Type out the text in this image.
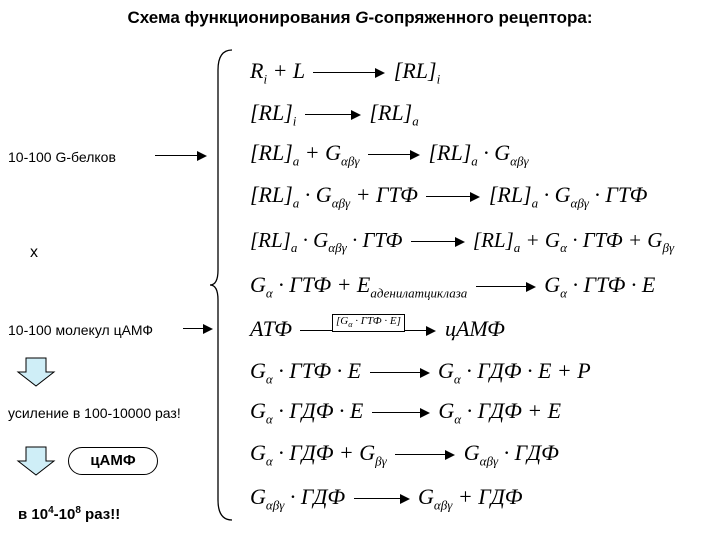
Схема функционирования G-сопряженного рецептора:
10-100 G-белков
x
10-100 молекул цАМФ
усиление в 100-10000 раз!
цАМФ
в $10^4-10^8$ раз!!
$R_i + L$	$[RL]_i$
$[RL]_i$	$[RL]_a$
$[RL]_a + G_{\alpha\beta\gamma}$	$[RL]_a \cdot G_{\alpha\beta\gamma}$
$[RL]_a \cdot G_{\alpha\beta\gamma}$ + ГТФ	$[RL]_a \cdot G_{\alpha\beta\gamma}$ · ГТФ
$[RL]_a \cdot G_{\alpha\beta\gamma}$ · ГТФ	$[RL]_a + G_\alpha$ · ГТФ + $G_{\beta\gamma}$
$G_\alpha$ · ГТФ + $E_{аденилатциклаза}$	$G_\alpha$ · ГТФ · E
АТФ	цАМФ
[$G_\alpha$ · ГТФ · E]
$G_\alpha$ · ГТФ · E	$G_\alpha$ · ГДФ · E + P
$G_\alpha$ · ГДФ · E	$G_\alpha$ · ГДФ + E
$G_\alpha$ · ГДФ + $G_{\beta\gamma}$	$G_{\alpha\beta\gamma}$ · ГДФ
$G_{\alpha\beta\gamma}$ · ГДФ	$G_{\alpha\beta\gamma}$ + ГДФ
